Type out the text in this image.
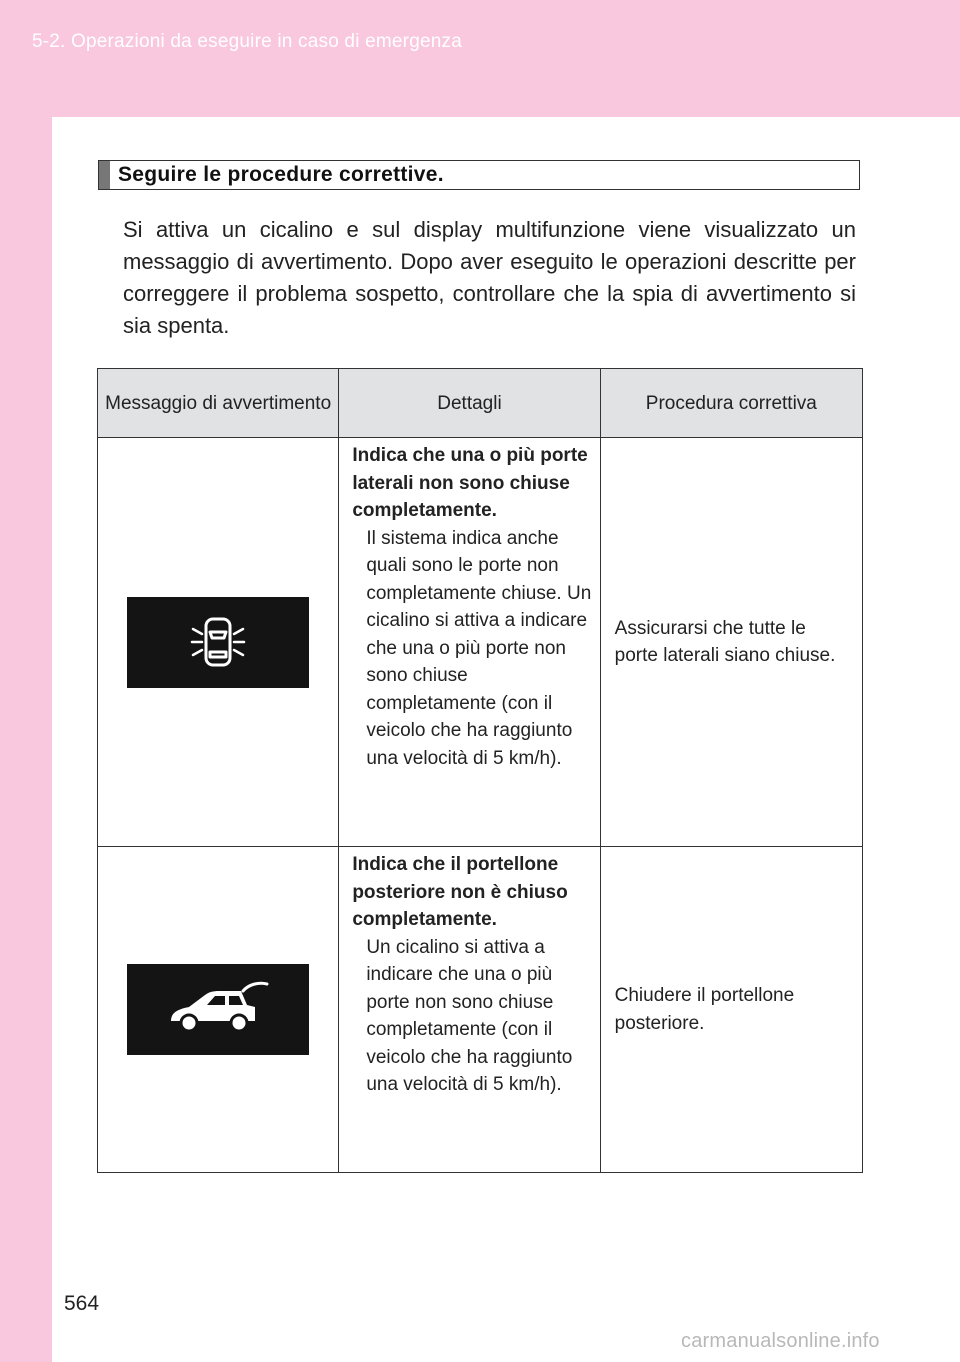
5-2. Operazioni da eseguire in caso di emergenza
Seguire le procedure correttive.
Si attiva un cicalino e sul display multifunzione viene visualizzato un messaggio di avvertimento. Dopo aver eseguito le operazioni descritte per correggere il problema sospetto, controllare che la spia di avvertimento si sia spenta.
Messaggio di avvertimento	Dettagli	Procedura correttiva

Indica che una o più porte laterali non sono chiuse completamente.
Il sistema indica anche quali sono le porte non completamente chiuse. Un cicalino si attiva a indicare che una o più porte non sono chiuse completamente (con il veicolo che ha raggiunto una velocità di 5 km/h).	Assicurarsi che tutte le porte laterali siano chiuse.

Indica che il portellone posteriore non è chiuso completamente.
Un cicalino si attiva a indicare che una o più porte non sono chiuse completamente (con il veicolo che ha raggiunto una velocità di 5 km/h).	Chiudere il portellone posteriore.
564
carmanualsonline.info
